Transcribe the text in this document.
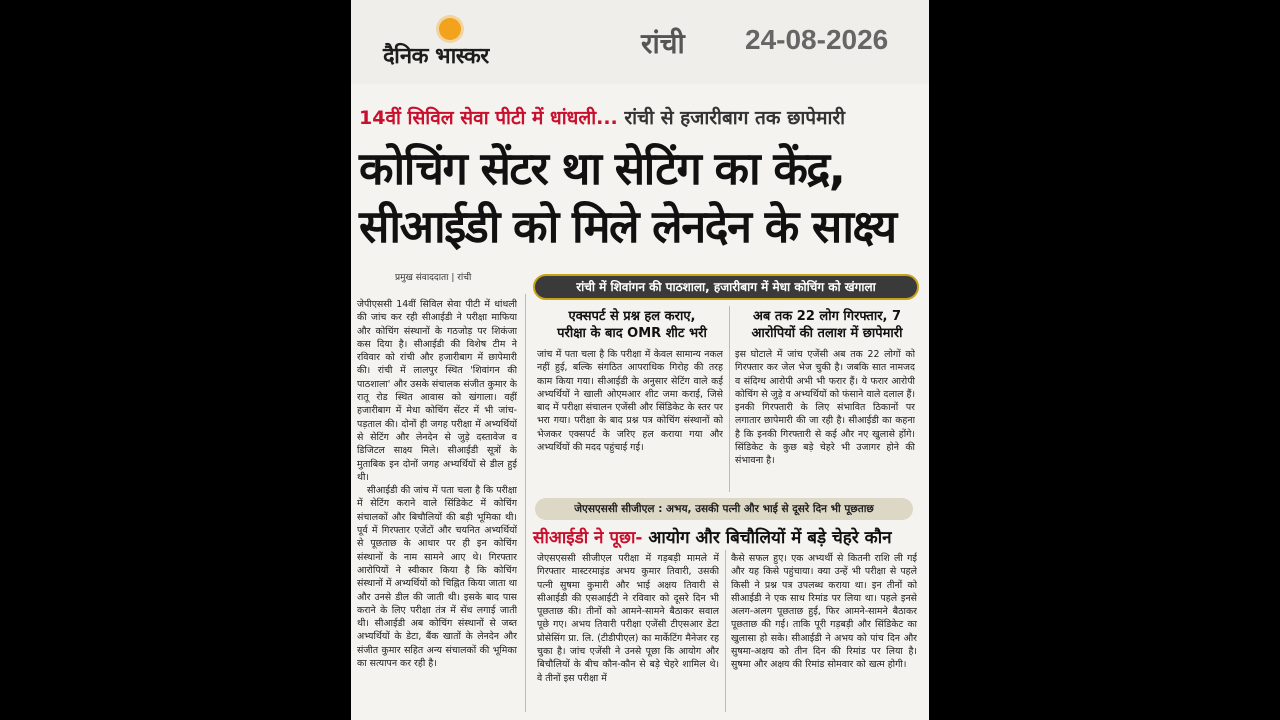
दैनिक भास्कर	रांची 24-08-2026
14वीं सिविल सेवा पीटी में धांधली... रांची से हजारीबाग तक छापेमारी
कोचिंग सेंटर था सेटिंग का केंद्र,
सीआईडी को मिले लेनदेन के साक्ष्य
प्रमुख संवाददाता | रांची
जेपीएससी 14वीं सिविल सेवा पीटी में धांधली की जांच कर रही सीआईडी ने परीक्षा माफिया और कोचिंग संस्थानों के गठजोड़ पर शिकंजा कस दिया है। सीआईडी की विशेष टीम ने रविवार को रांची और हजारीबाग में छापेमारी की। रांची में लालपुर स्थित 'शिवांगन की पाठशाला' और उसके संचालक संजीत कुमार के रातू रोड स्थित आवास को खंगाला। वहीं हजारीबाग में मेधा कोचिंग सेंटर में भी जांच-पड़ताल की। दोनों ही जगह परीक्षा में अभ्यर्थियों से सेटिंग और लेनदेन से जुड़े दस्तावेज व डिजिटल साक्ष्य मिले। सीआईडी सूत्रों के मुताबिक इन दोनों जगह अभ्यर्थियों से डील हुई थी।
सीआईडी की जांच में पता चला है कि परीक्षा में सेटिंग कराने वाले सिंडिकेट में कोचिंग संचालकों और बिचौलियों की बड़ी भूमिका थी। पूर्व में गिरफ्तार एजेंटों और चयनित अभ्यर्थियों से पूछताछ के आधार पर ही इन कोचिंग संस्थानों के नाम सामने आए थे। गिरफ्तार आरोपियों ने स्वीकार किया है कि कोचिंग संस्थानों में अभ्यर्थियों को चिह्नित किया जाता था और उनसे डील की जाती थी। इसके बाद पास कराने के लिए परीक्षा तंत्र में सेंध लगाई जाती थी। सीआईडी अब कोचिंग संस्थानों से जब्त अभ्यर्थियों के डेटा, बैंक खातों के लेनदेन और संजीत कुमार सहित अन्य संचालकों की भूमिका का सत्यापन कर रही है।
रांची में शिवांगन की पाठशाला, हजारीबाग में मेधा कोचिंग को खंगाला
एक्सपर्ट से प्रश्न हल कराए,
परीक्षा के बाद OMR शीट भरी
जांच में पता चला है कि परीक्षा में केवल सामान्य नकल नहीं हुई, बल्कि संगठित आपराधिक गिरोह की तरह काम किया गया। सीआईडी के अनुसार सेटिंग वाले कई अभ्यर्थियों ने खाली ओएमआर शीट जमा कराई, जिसे बाद में परीक्षा संचालन एजेंसी और सिंडिकेट के स्तर पर भरा गया। परीक्षा के बाद प्रश्न पत्र कोचिंग संस्थानों को भेजकर एक्सपर्ट के जरिए हल कराया गया और अभ्यर्थियों की मदद पहुंचाई गई।
अब तक 22 लोग गिरफ्तार, 7
आरोपियों की तलाश में छापेमारी
इस घोटाले में जांच एजेंसी अब तक 22 लोगों को गिरफ्तार कर जेल भेज चुकी है। जबकि सात नामजद व संदिग्ध आरोपी अभी भी फरार हैं। ये फरार आरोपी कोचिंग से जुड़े व अभ्यर्थियों को फंसाने वाले दलाल हैं। इनकी गिरफ्तारी के लिए संभावित ठिकानों पर लगातार छापेमारी की जा रही है। सीआईडी का कहना है कि इनकी गिरफ्तारी से कई और नए खुलासे होंगे। सिंडिकेट के कुछ बड़े चेहरे भी उजागर होने की संभावना है।
जेएसएससी सीजीएल : अभय, उसकी पत्नी और भाई से दूसरे दिन भी पूछताछ
सीआईडी ने पूछा- आयोग और बिचौलियों में बड़े चेहरे कौन
जेएसएससी सीजीएल परीक्षा में गड़बड़ी मामले में गिरफ्तार मास्टरमाइंड अभय कुमार तिवारी, उसकी पत्नी सुषमा कुमारी और भाई अक्षय तिवारी से सीआईडी की एसआईटी ने रविवार को दूसरे दिन भी पूछताछ की। तीनों को आमने-सामने बैठाकर सवाल पूछे गए। अभय तिवारी परीक्षा एजेंसी टीएसआर डेटा प्रोसेसिंग प्रा. लि. (टीडीपीएल) का मार्केटिंग मैनेजर रह चुका है। जांच एजेंसी ने उनसे पूछा कि आयोग और बिचौलियों के बीच कौन-कौन से बड़े चेहरे शामिल थे। वे तीनों इस परीक्षा में
कैसे सफल हुए। एक अभ्यर्थी से कितनी राशि ली गई और यह किसे पहुंचाया। क्या उन्हें भी परीक्षा से पहले किसी ने प्रश्न पत्र उपलब्ध कराया था। इन तीनों को सीआईडी ने एक साथ रिमांड पर लिया था। पहले इनसे अलग-अलग पूछताछ हुई, फिर आमने-सामने बैठाकर पूछताछ की गई। ताकि पूरी गड़बड़ी और सिंडिकेट का खुलासा हो सके। सीआईडी ने अभय को पांच दिन और सुषमा-अक्षय को तीन दिन की रिमांड पर लिया है। सुषमा और अक्षय की रिमांड सोमवार को खत्म होगी।
